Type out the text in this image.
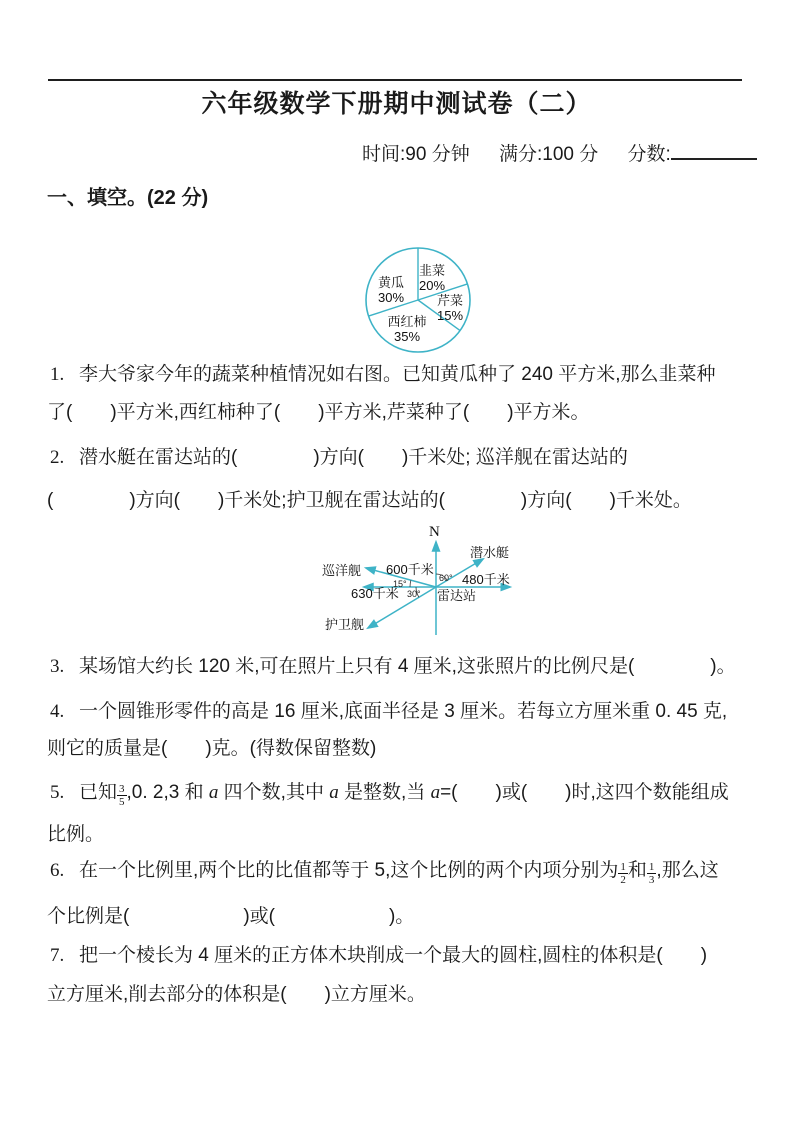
六年级数学下册期中测试卷（二）
时间:90 分钟 满分:100 分 分数:
一、填空。(22 分)
黄瓜
30%
韭菜
20%
芹菜
15%
西红柿
35%
1. 李大爷家今年的蔬菜种植情况如右图。已知黄瓜种了 240 平方米,那么韭菜种
了(　　)平方米,西红柿种了(　　)平方米,芹菜种了(　　)平方米。
2. 潜水艇在雷达站的(　　　　)方向(　　)千米处; 巡洋舰在雷达站的
(　　　　)方向(　　)千米处;护卫舰在雷达站的(　　　　)方向(　　)千米处。
N
潜水艇
480千米
60°
巡洋舰 600千米
15°
护卫舰
630千米 30° 雷达站
3. 某场馆大约长 120 米,可在照片上只有 4 厘米,这张照片的比例尺是(　　　　)。
4. 一个圆锥形零件的高是 16 厘米,底面半径是 3 厘米。若每立方厘米重 0. 45 克,
则它的质量是(　　)克。(得数保留整数)
5. 已知 $\frac{3}{5} ,0$. 2,3 和 a 四个数,其中 a 是整数,当 a=(　　)或(　　)时,这四个数能组成
比例。
6. 在一个比例里,两个比的比值都等于 5,这个比例的两个内项分别为 $\frac{1}{2}$ 和 $\frac{1}{3}$ ,那么这
个比例是(　　　　　　)或(　　　　　　)。
7. 把一个棱长为 4 厘米的正方体木块削成一个最大的圆柱,圆柱的体积是(　　)
立方厘米,削去部分的体积是(　　)立方厘米。
